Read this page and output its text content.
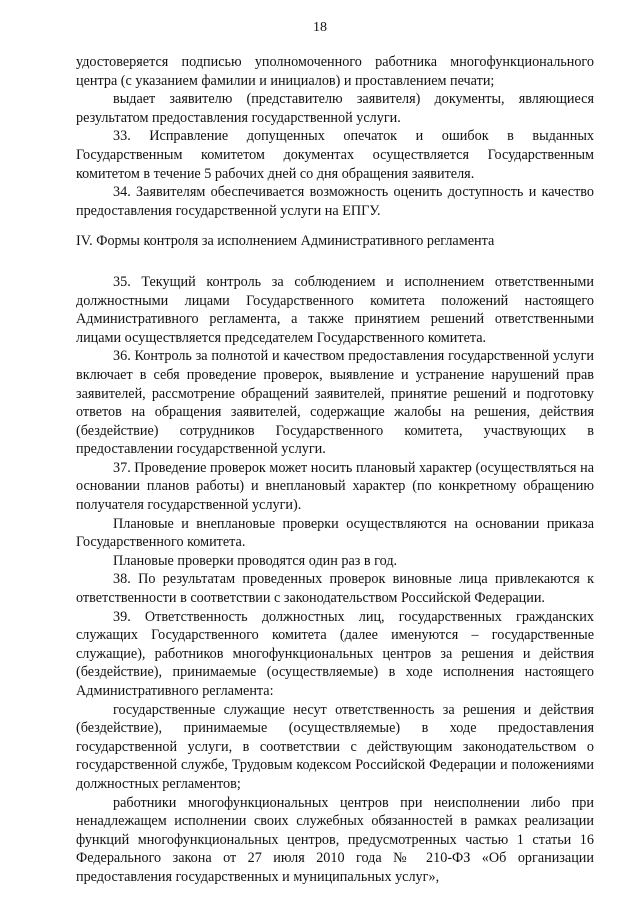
18

удостоверяется подписью уполномоченного работника многофункционального центра (с указанием фамилии и инициалов) и проставлением печати;

выдает заявителю (представителю заявителя) документы, являющиеся результатом предоставления государственной услуги.

33. Исправление допущенных опечаток и ошибок в выданных Государственным комитетом документах осуществляется Государственным комитетом в течение 5 рабочих дней со дня обращения заявителя.

34. Заявителям обеспечивается возможность оценить доступность и качество предоставления государственной услуги на ЕПГУ.

IV. Формы контроля за исполнением Административного регламента

35. Текущий контроль за соблюдением и исполнением ответственными должностными лицами Государственного комитета положений настоящего Административного регламента, а также принятием решений ответственными лицами осуществляется председателем Государственного комитета.

36. Контроль за полнотой и качеством предоставления государственной услуги включает в себя проведение проверок, выявление и устранение нарушений прав заявителей, рассмотрение обращений заявителей, принятие решений и подготовку ответов на обращения заявителей, содержащие жалобы на решения, действия (бездействие) сотрудников Государственного комитета, участвующих в предоставлении государственной услуги.

37. Проведение проверок может носить плановый характер (осуществляться на основании планов работы) и внеплановый характер (по конкретному обращению получателя государственной услуги).

Плановые и внеплановые проверки осуществляются на основании приказа Государственного комитета.

Плановые проверки проводятся один раз в год.

38. По результатам проведенных проверок виновные лица привлекаются к ответственности в соответствии с законодательством Российской Федерации.

39. Ответственность должностных лиц, государственных гражданских служащих Государственного комитета (далее именуются – государственные служащие), работников многофункциональных центров за решения и действия (бездействие), принимаемые (осуществляемые) в ходе исполнения настоящего Административного регламента:

государственные служащие несут ответственность за решения и действия (бездействие), принимаемые (осуществляемые) в ходе предоставления государственной услуги, в соответствии с действующим законодательством о государственной службе, Трудовым кодексом Российской Федерации и положениями должностных регламентов;

работники многофункциональных центров при неисполнении либо при ненадлежащем исполнении своих служебных обязанностей в рамках реализации функций многофункциональных центров, предусмотренных частью 1 статьи 16 Федерального закона от 27 июля 2010 года № 210-ФЗ «Об организации предоставления государственных и муниципальных услуг»,
